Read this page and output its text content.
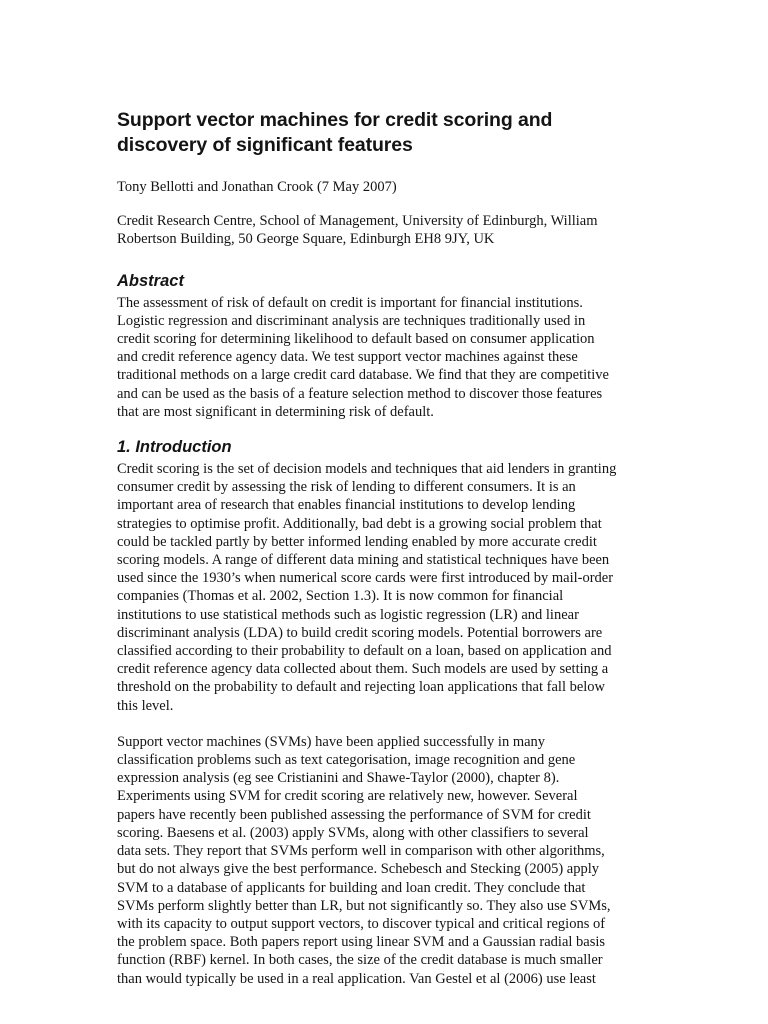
Support vector machines for credit scoring and
discovery of significant features

Tony Bellotti and Jonathan Crook (7 May 2007)

Credit Research Centre, School of Management, University of Edinburgh, William
Robertson Building, 50 George Square, Edinburgh EH8 9JY, UK
Abstract
The assessment of risk of default on credit is important for financial institutions.
Logistic regression and discriminant analysis are techniques traditionally used in
credit scoring for determining likelihood to default based on consumer application
and credit reference agency data. We test support vector machines against these
traditional methods on a large credit card database. We find that they are competitive
and can be used as the basis of a feature selection method to discover those features
that are most significant in determining risk of default.
1. Introduction
Credit scoring is the set of decision models and techniques that aid lenders in granting
consumer credit by assessing the risk of lending to different consumers. It is an
important area of research that enables financial institutions to develop lending
strategies to optimise profit. Additionally, bad debt is a growing social problem that
could be tackled partly by better informed lending enabled by more accurate credit
scoring models. A range of different data mining and statistical techniques have been
used since the 1930’s when numerical score cards were first introduced by mail-order
companies (Thomas et al. 2002, Section 1.3). It is now common for financial
institutions to use statistical methods such as logistic regression (LR) and linear
discriminant analysis (LDA) to build credit scoring models. Potential borrowers are
classified according to their probability to default on a loan, based on application and
credit reference agency data collected about them. Such models are used by setting a
threshold on the probability to default and rejecting loan applications that fall below
this level.
Support vector machines (SVMs) have been applied successfully in many
classification problems such as text categorisation, image recognition and gene
expression analysis (eg see Cristianini and Shawe-Taylor (2000), chapter 8).
Experiments using SVM for credit scoring are relatively new, however. Several
papers have recently been published assessing the performance of SVM for credit
scoring. Baesens et al. (2003) apply SVMs, along with other classifiers to several
data sets. They report that SVMs perform well in comparison with other algorithms,
but do not always give the best performance. Schebesch and Stecking (2005) apply
SVM to a database of applicants for building and loan credit. They conclude that
SVMs perform slightly better than LR, but not significantly so. They also use SVMs,
with its capacity to output support vectors, to discover typical and critical regions of
the problem space. Both papers report using linear SVM and a Gaussian radial basis
function (RBF) kernel. In both cases, the size of the credit database is much smaller
than would typically be used in a real application. Van Gestel et al (2006) use least
